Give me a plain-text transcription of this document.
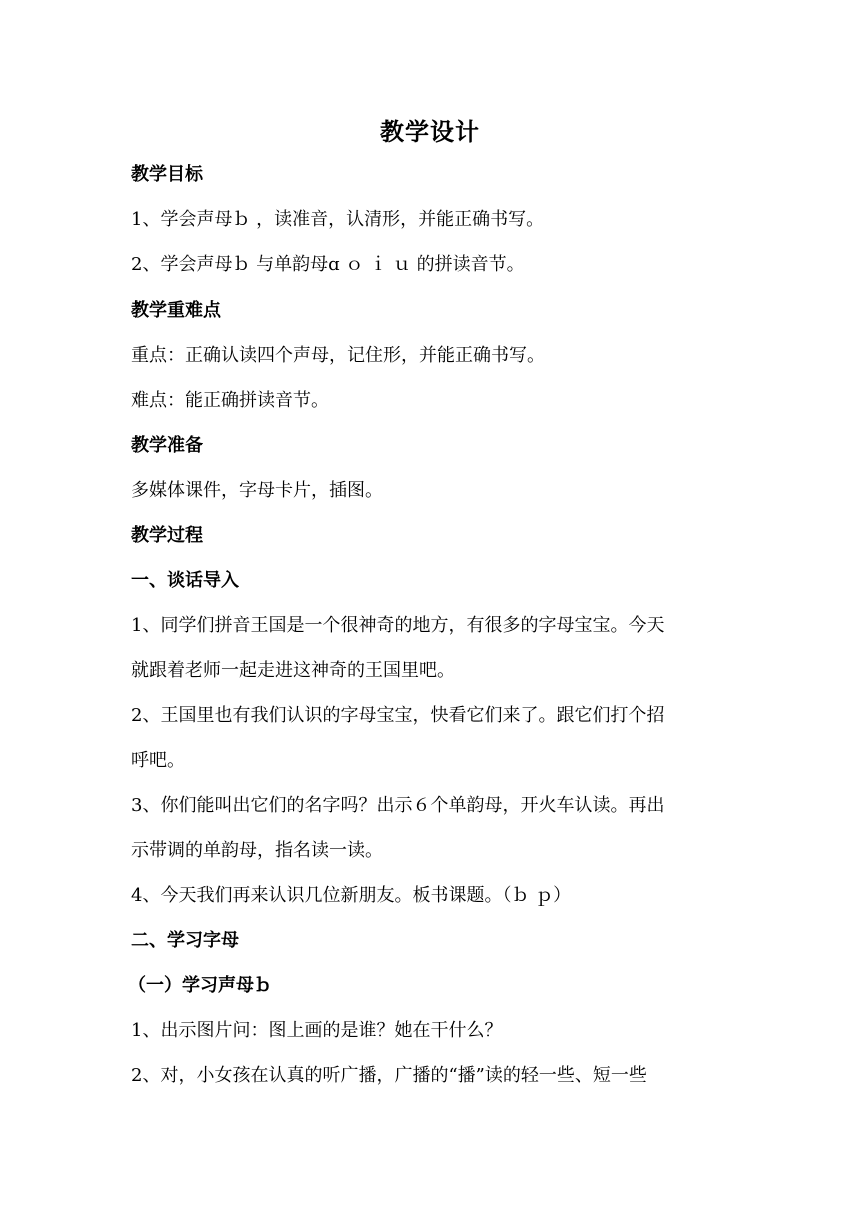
教学设计
教学目标
1、学会声母ｂ ，读准音，认清形，并能正确书写。
2、学会声母ｂ 与单韵母ɑ ｏ ｉ ｕ 的拼读音节。
教学重难点
重点：正确认读四个声母，记住形，并能正确书写。
难点：能正确拼读音节。
教学准备
多媒体课件，字母卡片，插图。
教学过程
一、谈话导入
1、同学们拼音王国是一个很神奇的地方，有很多的字母宝宝。今天
就跟着老师一起走进这神奇的王国里吧。
2、王国里也有我们认识的字母宝宝，快看它们来了。跟它们打个招
呼吧。
3、你们能叫出它们的名字吗？出示６个单韵母，开火车认读。再出
示带调的单韵母，指名读一读。
4、今天我们再来认识几位新朋友。板书课题。（ｂ ｐ）
二、学习字母
（一）学习声母ｂ
1、出示图片问：图上画的是谁？她在干什么？
2、对，小女孩在认真的听广播，广播的“播”读的轻一些、短一些
